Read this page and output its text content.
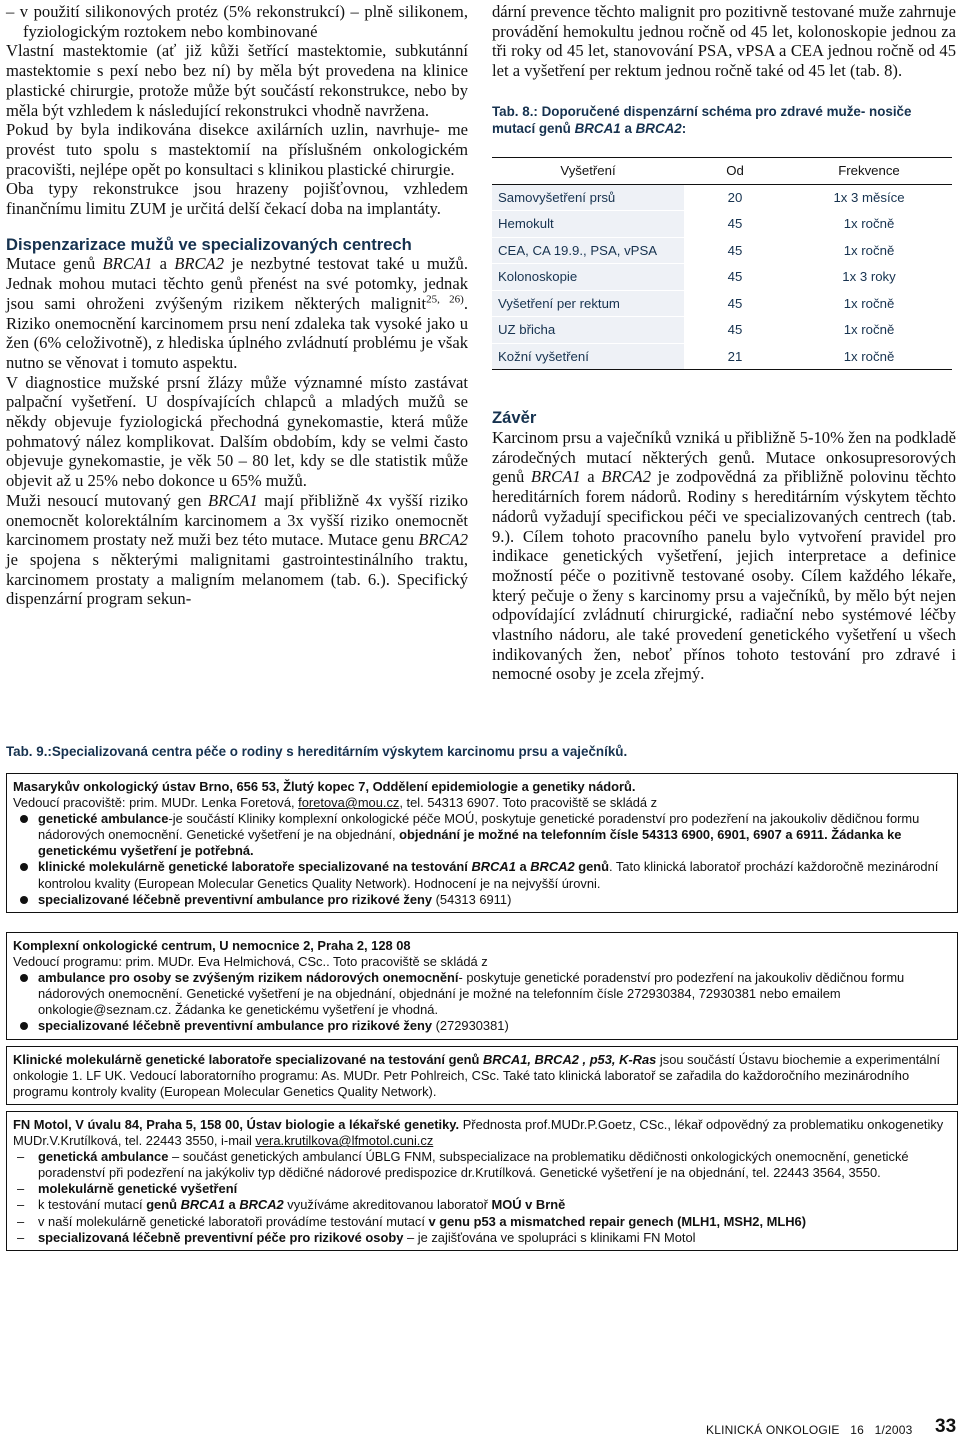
– v použití silikonových protéz (5% rekonstrukcí) – plně silikonem, fyziologickým roztokem nebo kombinované

Vlastní mastektomie (ať již kůži šetřící mastektomie, subkutánní mastektomie s pexí nebo bez ní) by měla být provedena na klinice plastické chirurgie, protože může být součástí rekonstrukce, nebo by měla být vzhledem k následující rekonstrukci vhodně navržena.

Pokud by byla indikována disekce axilárních uzlin, navrhuje- me provést tuto spolu s mastektomií na příslušném onkologickém pracovišti, nejlépe opět po konsultaci s klinikou plastické chirurgie.

Oba typy rekonstrukce jsou hrazeny pojišťovnou, vzhledem finančnímu limitu ZUM je určitá delší čekací doba na implantáty.

Dispenzarizace mužů ve specializovaných centrech

Mutace genů BRCA1 a BRCA2 je nezbytné testovat také u mužů. Jednak mohou mutaci těchto genů přenést na své potomky, jednak jsou sami ohroženi zvýšeným rizikem některých malignit$^{25, 26)}$. Riziko onemocnění karcinomem prsu není zdaleka tak vysoké jako u žen (6% celoživotně), z hlediska úplného zvládnutí problému je však nutno se věnovat i tomuto aspektu.

V diagnostice mužské prsní žlázy může významné místo zastávat palpační vyšetření. U dospívajících chlapců a mladých mužů se někdy objevuje fyziologická přechodná gynekomastie, která může pohmatový nález komplikovat. Dalším obdobím, kdy se velmi často objevuje gynekomastie, je věk 50 – 80 let, kdy se dle statistik může objevit až u 25% nebo dokonce u 65% mužů.

Muži nesoucí mutovaný gen BRCA1 mají přibližně 4x vyšší riziko onemocnět kolorektálním karcinomem a 3x vyšší riziko onemocnět karcinomem prostaty než muži bez této mutace. Mutace genu BRCA2 je spojena s některými malignitami gastrointestinálního traktu, karcinomem prostaty a maligním melanomem (tab. 6.). Specifický dispenzární program sekun-

dární prevence těchto malignit pro pozitivně testované muže zahrnuje provádění hemokultu jednou ročně od 45 let, kolonoskopie jednou za tři roky od 45 let, stanovování PSA, vPSA a CEA jednou ročně od 45 let a vyšetření per rektum jednou ročně také od 45 let (tab. 8).

Tab. 8.: Doporučené dispenzární schéma pro zdravé muže- nosiče mutací genů BRCA1 a BRCA2:

Vyšetření	Od	Frekvence
Samovyšetření prsů	20	1x 3 měsíce
Hemokult	45	1x ročně
CEA, CA 19.9., PSA, vPSA	45	1x ročně
Kolonoskopie	45	1x 3 roky
Vyšetření per rektum	45	1x ročně
UZ břicha	45	1x ročně
Kožní vyšetření	21	1x ročně

Závěr

Karcinom prsu a vaječníků vzniká u přibližně 5-10% žen na podkladě zárodečných mutací některých genů. Mutace onkosupresorových genů BRCA1 a BRCA2 je zodpovědná za přibližně polovinu těchto hereditárních forem nádorů. Rodiny s hereditárním výskytem těchto nádorů vyžadují specifickou péči ve specializovaných centrech (tab. 9.). Cílem tohoto pracovního panelu bylo vytvoření pravidel pro indikace genetických vyšetření, jejich interpretace a definice možností péče o pozitivně testované osoby. Cílem každého lékaře, který pečuje o ženy s karcinomy prsu a vaječníků, by mělo být nejen odpovídající zvládnutí chirurgické, radiační nebo systémové léčby vlastního nádoru, ale také provedení genetického vyšetření u všech indikovaných žen, neboť přínos tohoto testování pro zdravé i nemocné osoby je zcela zřejmý.

Tab. 9.:Specializovaná centra péče o rodiny s hereditárním výskytem karcinomu prsu a vaječníků.

Masarykův onkologický ústav Brno, 656 53, Žlutý kopec 7, Oddělení epidemiologie a genetiky nádorů.

Vedoucí pracoviště: prim. MUDr. Lenka Foretová, foretova@mou.cz, tel. 54313 6907. Toto pracoviště se skládá z

genetické ambulance-je součástí Kliniky komplexní onkologické péče MOÚ, poskytuje genetické poradenství pro podezření na jakoukoliv dědičnou formu nádorových onemocnění. Genetické vyšetření je na objednání, objednání je možné na telefonním čísle 54313 6900, 6901, 6907 a 6911. Žádanka ke genetickému vyšetření je potřebná.

klinické molekulárně genetické laboratoře specializované na testování BRCA1 a BRCA2 genů. Tato klinická laboratoř prochází každoročně mezinárodní kontrolou kvality (European Molecular Genetics Quality Network). Hodnocení je na nejvyšší úrovni.

specializované léčebně preventivní ambulance pro rizikové ženy (54313 6911)

Komplexní onkologické centrum, U nemocnice 2, Praha 2, 128 08

Vedoucí programu: prim. MUDr. Eva Helmichová, CSc.. Toto pracoviště se skládá z

ambulance pro osoby se zvýšeným rizikem nádorových onemocnění- poskytuje genetické poradenství pro podezření na jakoukoliv dědičnou formu nádorových onemocnění. Genetické vyšetření je na objednání, objednání je možné na telefonním čísle 272930384, 72930381 nebo emailem onkologie@seznam.cz. Žádanka ke genetickému vyšetření je vhodná.

specializované léčebně preventivní ambulance pro rizikové ženy (272930381)

Klinické molekulárně genetické laboratoře specializované na testování genů BRCA1, BRCA2 , p53, K-Ras jsou součástí Ústavu biochemie a experimentální onkologie 1. LF UK. Vedoucí laboratorního programu: As. MUDr. Petr Pohlreich, CSc. Také tato klinická laboratoř se zařadila do každoročního mezinárodního programu kontroly kvality (European Molecular Genetics Quality Network).

FN Motol, V úvalu 84, Praha 5, 158 00, Ústav biologie a lékařské genetiky. Přednosta prof.MUDr.P.Goetz, CSc., lékař odpovědný za problematiku onkogenetiky MUDr.V.Krutílková, tel. 22443 3550, i-mail vera.krutilkova@lfmotol.cuni.cz

– genetická ambulance – součást genetických ambulancí ÚBLG FNM, subspecializace na problematiku dědičnosti onkologických onemocnění, genetické poradenství při podezření na jakýkoliv typ dědičné nádorové predispozice dr.Krutílková. Genetické vyšetření je na objednání, tel. 22443 3564, 3550.

– molekulárně genetické vyšetření

– k testování mutací genů BRCA1 a BRCA2 využíváme akreditovanou laboratoř MOÚ v Brně

– v naší molekulárně genetické laboratoři provádíme testování mutací v genu p53 a mismatched repair genech (MLH1, MSH2, MLH6)

– specializovaná léčebně preventivní péče pro rizikové osoby – je zajišťována ve spolupráci s klinikami FN Motol

KLINICKÁ ONKOLOGIE   16   1/2003 33
